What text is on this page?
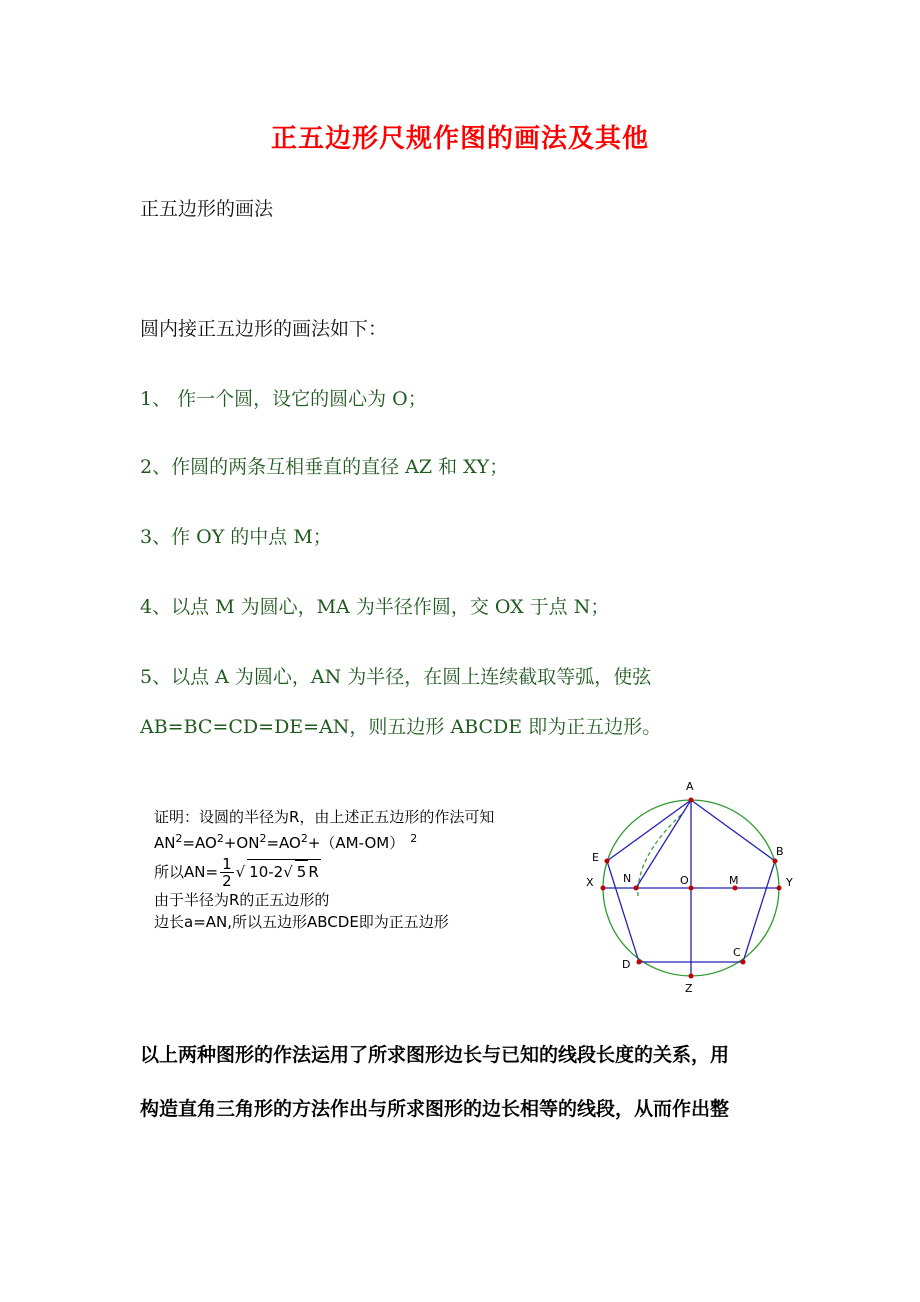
正五边形尺规作图的画法及其他
正五边形的画法
圆内接正五边形的画法如下：
1、 作一个圆，设它的圆心为 O；
2、作圆的两条互相垂直的直径 AZ 和 XY；
3、作 OY 的中点 M；
4、以点 M 为圆心，MA 为半径作圆，交 OX 于点 N；
5、以点 A 为圆心，AN 为半径，在圆上连续截取等弧，使弦
AB=BC=CD=DE=AN，则五边形 ABCDE 即为正五边形。
证明：设圆的半径为R，由上述正五边形的作法可知
$AN^2=AO^2+ON^2=AO^2+(AM-OM)$ $^2$
所以$AN= \frac{1}{2}$ √ 10-2√ 5 R
由于半径为R的正五边形的
边长a=AN,所以五边形ABCDE即为正五边形
A
B
C
D
E
X	Y
Z
O	M
N
以上两种图形的作法运用了所求图形边长与已知的线段长度的关系，用
构造直角三角形的方法作出与所求图形的边长相等的线段，从而作出整
